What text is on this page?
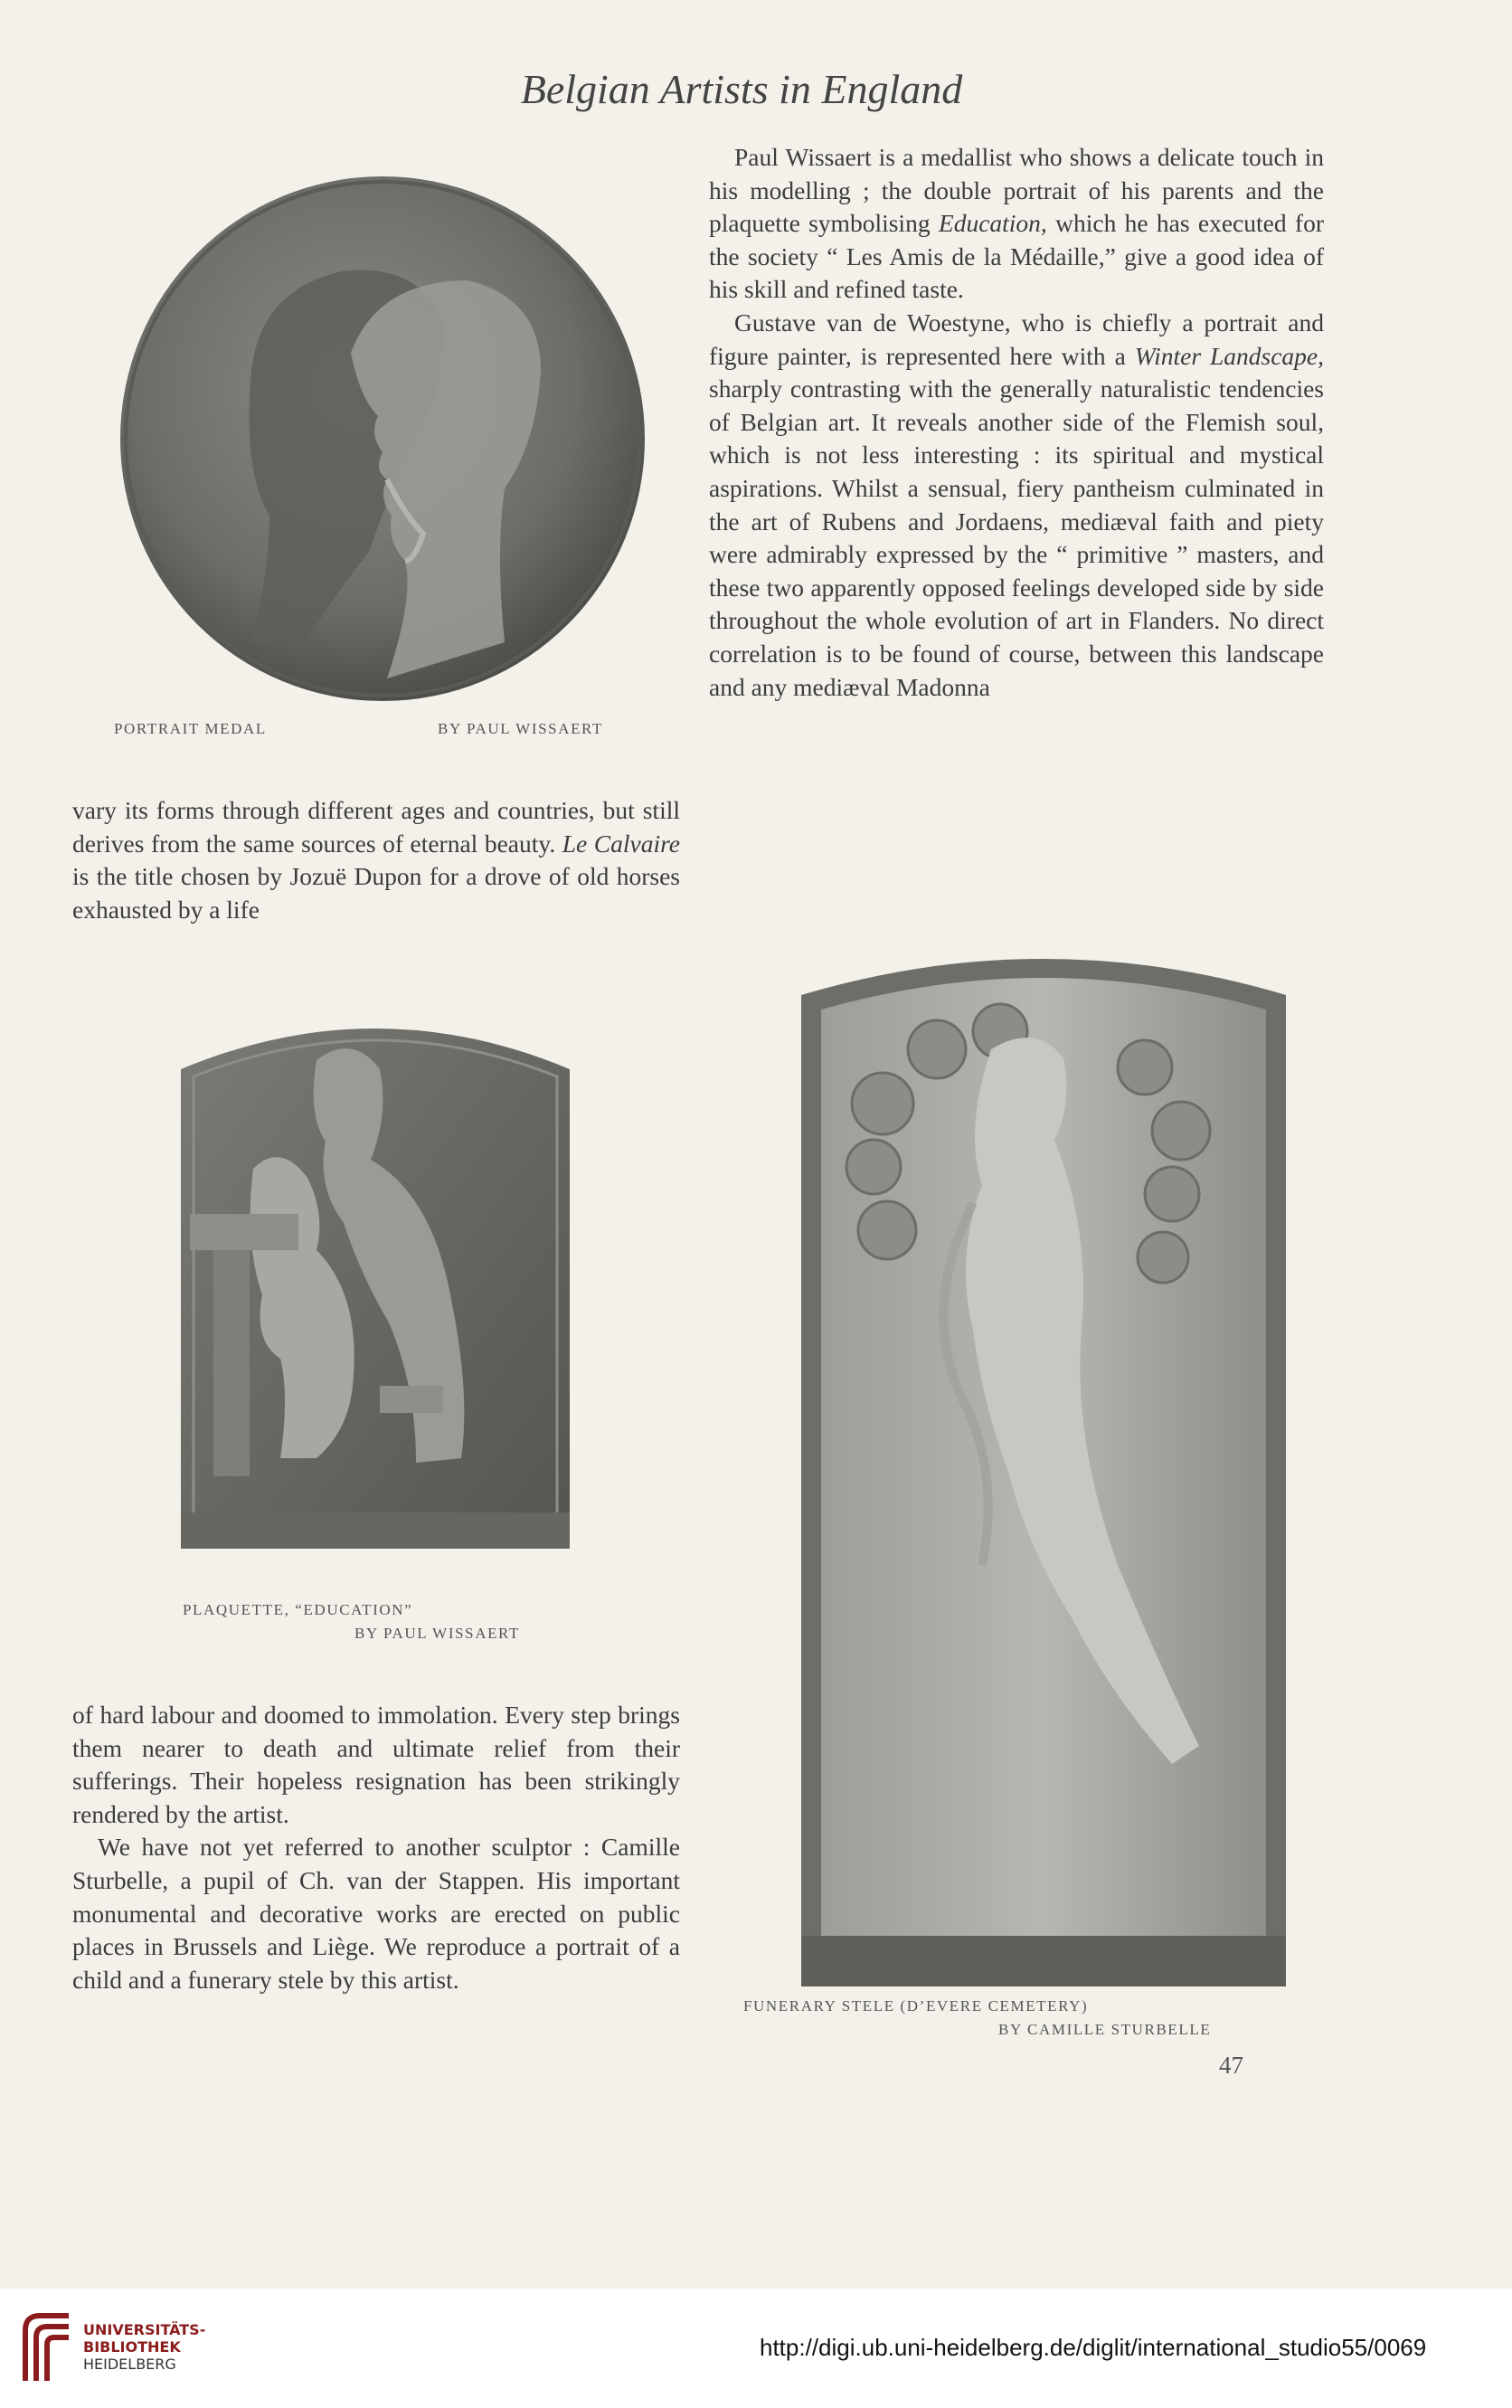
Belgian Artists in England
PORTRAIT MEDAL	BY PAUL WISSAERT

Paul Wissaert is a medallist who shows a delicate touch in his modelling ; the double portrait of his parents and the plaquette symbolising Education, which he has executed for the society “ Les Amis de la Médaille,” give a good idea of his skill and refined taste.

Gustave van de Woestyne, who is chiefly a portrait and figure painter, is represented here with a Winter Landscape, sharply contrasting with the generally naturalistic tendencies of Belgian art. It reveals another side of the Flemish soul, which is not less interesting : its spiritual and mystical aspirations. Whilst a sensual, fiery pantheism culminated in the art of Rubens and Jordaens, mediæval faith and piety were admirably expressed by the “ primitive ” masters, and these two apparently opposed feelings developed side by side throughout the whole evolution of art in Flanders. No direct correlation is to be found of course, between this landscape and any mediæval Madonna

vary its forms through different ages and countries, but still derives from the same sources of eternal beauty. Le Calvaire is the title chosen by Jozuë Dupon for a drove of old horses exhausted by a life

PLAQUETTE, “EDUCATION”
BY PAUL WISSAERT

of hard labour and doomed to immolation. Every step brings them nearer to death and ultimate relief from their sufferings. Their hopeless resignation has been strikingly rendered by the artist.

We have not yet referred to another sculptor : Camille Sturbelle, a pupil of Ch. van der Stappen. His important monumental and decorative works are erected on public places in Brussels and Liège. We reproduce a portrait of a child and a funerary stele by this artist.

FUNERARY STELE (D’EVERE CEMETERY)
BY CAMILLE STURBELLE
47
UNIVERSITÄTS-
BIBLIOTHEK
HEIDELBERG
http://digi.ub.uni-heidelberg.de/diglit/international_studio55/0069
